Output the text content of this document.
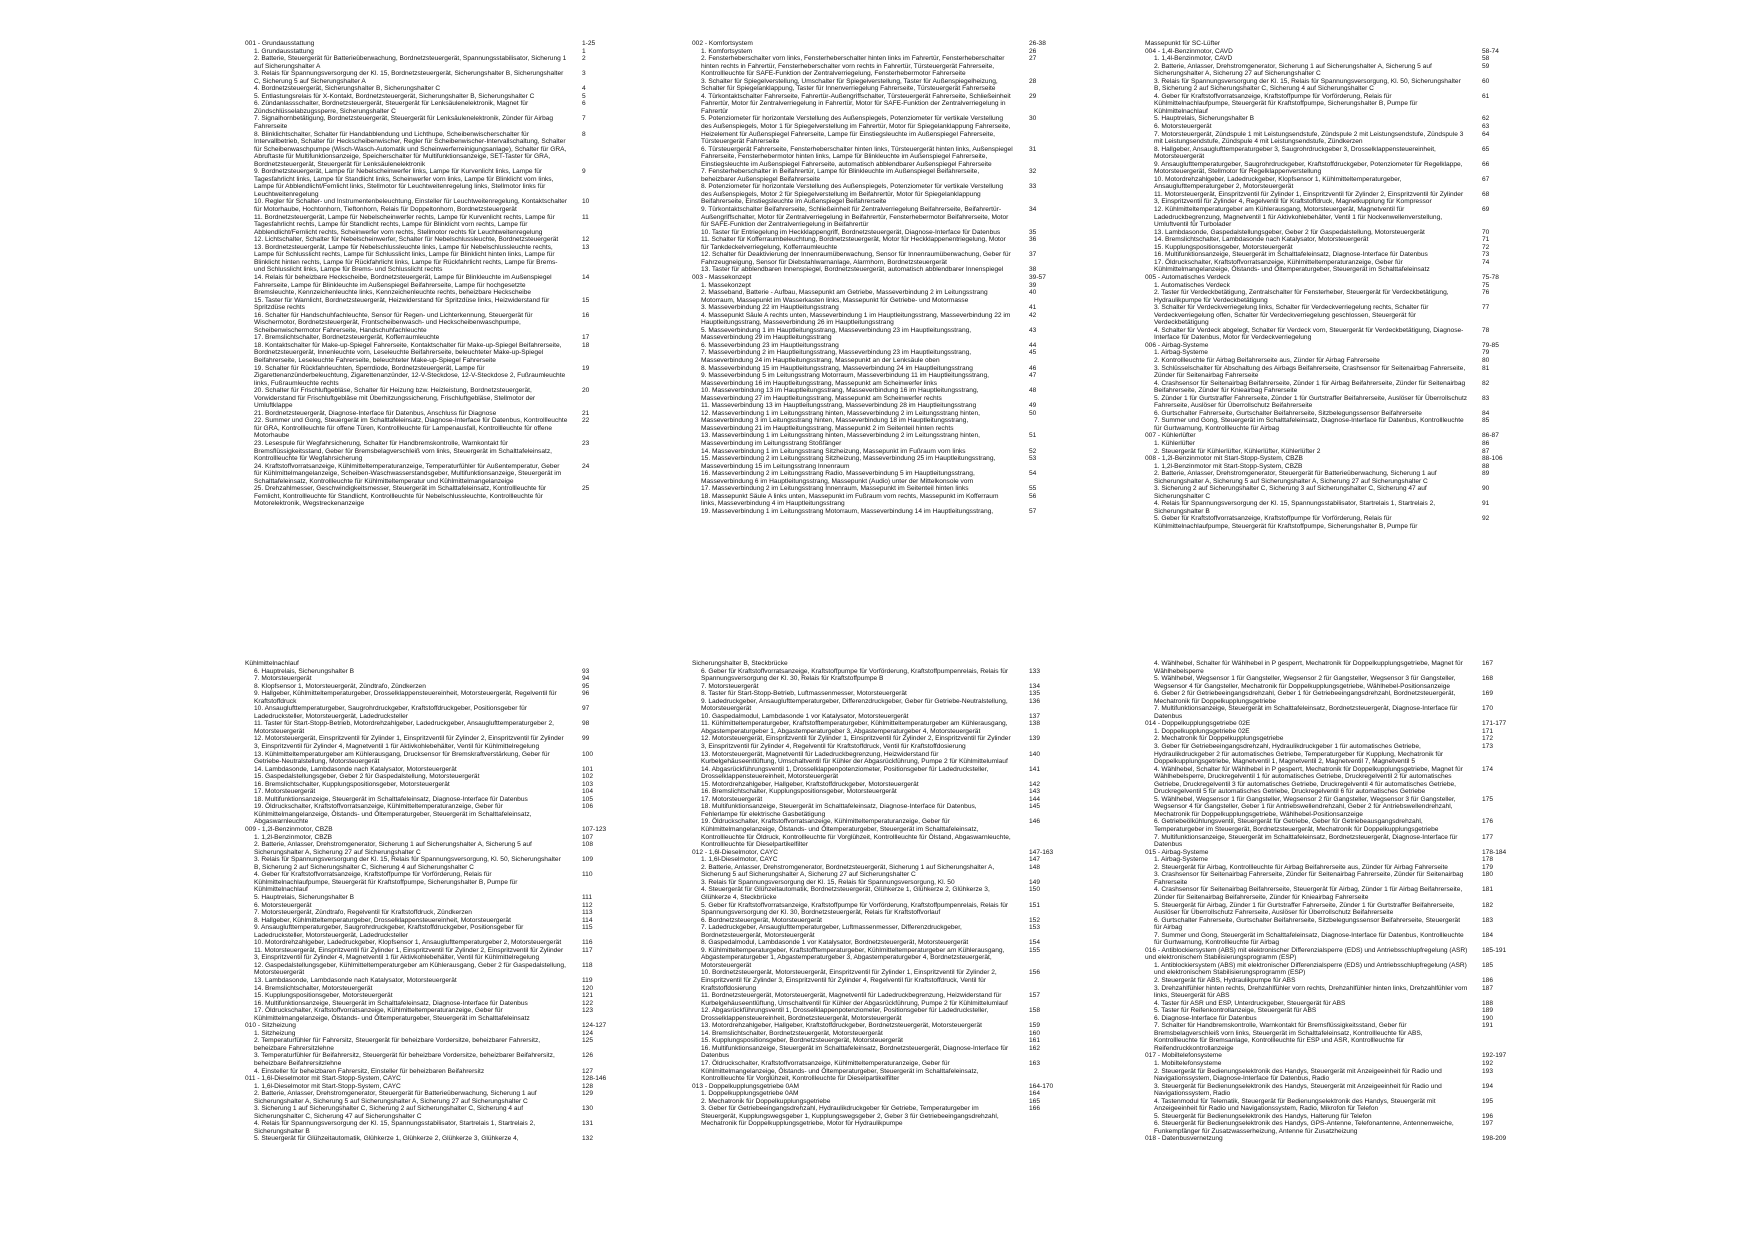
001 - Grundausstattung	1-25
1. Grundausstattung	1
2. Batterie, Steuergerät für Batterieüberwachung, Bordnetzsteuergerät, Spannungsstabilisator, Sicherung 1 auf Sicherungshalter A
2
3. Relais für Spannungsversorgung der Kl. 15, Bordnetzsteuergerät, Sicherungshalter B, Sicherungshalter C, Sicherung 5 auf Sicherungshalter A
3
4. Bordnetzsteuergerät, Sicherungshalter B, Sicherungshalter C	4
5. Entlastungsrelais für X-Kontakt, Bordnetzsteuergerät, Sicherungshalter B, Sicherungshalter C	5
6. Zündanlassschalter, Bordnetzsteuergerät, Steuergerät für Lenksäulenelektronik, Magnet für Zündschlüsselabzugssperre, Sicherungshalter C
6
7. Signalhornbetätigung, Bordnetzsteuergerät, Steuergerät für Lenksäulenelektronik, Zünder für Airbag Fahrerseite
7
8. Blinklichtschalter, Schalter für Handabblendung und Lichthupe, Scheibenwischerschalter für Intervallbetrieb, Schalter für Heckscheibenwischer, Regler für Scheibenwischer-Intervallschaltung, Schalter für Scheibenwaschpumpe (Wisch-Wasch-Automatik und Scheinwerferreinigungsanlage), Schalter für GRA, Abruftaste für Multifunktionsanzeige, Speicherschalter für Multifunktionsanzeige, SET-Taster für GRA, Bordnetzsteuergerät, Steuergerät für Lenksäulenelektronik
8
9. Bordnetzsteuergerät, Lampe für Nebelscheinwerfer links, Lampe für Kurvenlicht links, Lampe für Tagesfahrlicht links, Lampe für Standlicht links, Scheinwerfer vorn links, Lampe für Blinklicht vorn links, Lampe für Abblendlicht/Fernlicht links, Stellmotor für Leuchtweitenregelung links, Stellmotor links für Leuchtweitenregelung
9
10. Regler für Schalter- und Instrumentenbeleuchtung, Einsteller für Leuchtweitenregelung, Kontaktschalter für Motorhaube, Hochtonhorn, Tieftonhorn, Relais für Doppeltonhorn, Bordnetzsteuergerät
10
11. Bordnetzsteuergerät, Lampe für Nebelscheinwerfer rechts, Lampe für Kurvenlicht rechts, Lampe für Tagesfahrlicht rechts, Lampe für Standlicht rechts, Lampe für Blinklicht vorn rechts, Lampe für Abblendlicht/Fernlicht rechts, Scheinwerfer vorn rechts, Stellmotor rechts für Leuchtweitenregelung
11
12. Lichtschalter, Schalter für Nebelscheinwerfer, Schalter für Nebelschlussleuchte, Bordnetzsteuergerät	12
13. Bordnetzsteuergerät, Lampe für Nebelschlussleuchte links, Lampe für Nebelschlussleuchte rechts, Lampe für Schlusslicht rechts, Lampe für Schlusslicht links, Lampe für Blinklicht hinten links, Lampe für Blinklicht hinten rechts, Lampe für Rückfahrlicht links, Lampe für Rückfahrlicht rechts, Lampe für Brems- und Schlusslicht links, Lampe für Brems- und Schlusslicht rechts
13
14. Relais für beheizbare Heckscheibe, Bordnetzsteuergerät, Lampe für Blinkleuchte im Außenspiegel Fahrerseite, Lampe für Blinkleuchte im Außenspiegel Beifahrerseite, Lampe für hochgesetzte Bremsleuchte, Kennzeichenleuchte links, Kennzeichenleuchte rechts, beheizbare Heckscheibe
14
15. Taster für Warnlicht, Bordnetzsteuergerät, Heizwiderstand für Spritzdüse links, Heizwiderstand für Spritzdüse rechts
15
16. Schalter für Handschuhfachleuchte, Sensor für Regen- und Lichterkennung, Steuergerät für Wischermotor, Bordnetzsteuergerät, Frontscheibenwasch- und Heckscheibenwaschpumpe, Scheibenwischermotor Fahrerseite, Handschuhfachleuchte
16
17. Bremslichtschalter, Bordnetzsteuergerät, Kofferraumleuchte	17
18. Kontaktschalter für Make-up-Spiegel Fahrerseite, Kontaktschalter für Make-up-Spiegel Beifahrerseite, Bordnetzsteuergerät, Innenleuchte vorn, Leseleuchte Beifahrerseite, beleuchteter Make-up-Spiegel Beifahrerseite, Leseleuchte Fahrerseite, beleuchteter Make-up-Spiegel Fahrerseite
18
19. Schalter für Rückfahrleuchten, Sperrdiode, Bordnetzsteuergerät, Lampe für Zigarettenanzünderbeleuchtung, Zigarettenanzünder, 12-V-Steckdose, 12-V-Steckdose 2, Fußraumleuchte links, Fußraumleuchte rechts
19
20. Schalter für Frischluftgebläse, Schalter für Heizung bzw. Heizleistung, Bordnetzsteuergerät, Vorwiderstand für Frischluftgebläse mit Überhitzungssicherung, Frischluftgebläse, Stellmotor der Umluftklappe
20
21. Bordnetzsteuergerät, Diagnose-Interface für Datenbus, Anschluss für Diagnose	21
22. Summer und Gong, Steuergerät im Schalttafeleinsatz, Diagnose-Interface für Datenbus, Kontrollleuchte für GRA, Kontrollleuchte für offene Türen, Kontrollleuchte für Lampenausfall, Kontrollleuchte für offene Motorhaube
22
23. Lesespule für Wegfahrsicherung, Schalter für Handbremskontrolle, Warnkontakt für Bremsflüssigkeitsstand, Geber für Bremsbelagverschleiß vorn links, Steuergerät im Schalttafeleinsatz, Kontrollleuchte für Wegfahrsicherung
23
24. Kraftstoffvorratsanzeige, Kühlmitteltemperaturanzeige, Temperaturfühler für Außentemperatur, Geber für Kühlmittelmangelanzeige, Scheiben-Waschwasserstandsgeber, Multifunktionsanzeige, Steuergerät im Schalttafeleinsatz, Kontrollleuchte für Kühlmitteltemperatur und Kühlmittelmangelanzeige
24
25. Drehzahlmesser, Geschwindigkeitsmesser, Steuergerät im Schalttafeleinsatz, Kontrollleuchte für Fernlicht, Kontrollleuchte für Standlicht, Kontrollleuchte für Nebelschlussleuchte, Kontrollleuchte für Motorelektronik, Wegstreckenanzeige
25
002 - Komfortsystem	26-38
1. Komfortsystem	26
2. Fensterheberschalter vorn links, Fensterheberschalter hinten links im Fahrertür, Fensterheberschalter hinten rechts in Fahrertür, Fensterheberschalter vorn rechts in Fahrertür, Türsteuergerät Fahrerseite, Kontrollleuchte für SAFE-Funktion der Zentralverriegelung, Fensterhebermotor Fahrerseite
27
3. Schalter für Spiegelverstellung, Umschalter für Spiegelverstellung, Taster für Außenspiegelheizung, Schalter für Spiegelanklappung, Taster für Innenverriegelung Fahrerseite, Türsteuergerät Fahrerseite
28
4. Türkontaktschalter Fahrerseite, Fahrertür-Außengriffschalter, Türsteuergerät Fahrerseite, Schließeinheit Fahrertür, Motor für Zentralverriegelung in Fahrertür, Motor für SAFE-Funktion der Zentralverriegelung in Fahrertür
29
5. Potenziometer für horizontale Verstellung des Außenspiegels, Potenziometer für vertikale Verstellung des Außenspiegels, Motor 1 für Spiegelverstellung im Fahrertür, Motor für Spiegelanklappung Fahrerseite, Heizelement für Außenspiegel Fahrerseite, Lampe für Einstiegsleuchte im Außenspiegel Fahrerseite, Türsteuergerät Fahrerseite
30
6. Türsteuergerät Fahrerseite, Fensterheberschalter hinten links, Türsteuergerät hinten links, Außenspiegel Fahrerseite, Fensterhebermotor hinten links, Lampe für Blinkleuchte im Außenspiegel Fahrerseite, Einstiegsleuchte im Außenspiegel Fahrerseite, automatisch abblendbarer Außenspiegel Fahrerseite
31
7. Fensterheberschalter in Beifahrertür, Lampe für Blinkleuchte im Außenspiegel Beifahrerseite, beheizbarer Außenspiegel Beifahrerseite
32
8. Potenziometer für horizontale Verstellung des Außenspiegels, Potenziometer für vertikale Verstellung des Außenspiegels, Motor 2 für Spiegelverstellung im Beifahrertür, Motor für Spiegelanklappung Beifahrerseite, Einstiegsleuchte im Außenspiegel Beifahrerseite
33
9. Türkontaktschalter Beifahrerseite, Schließeinheit für Zentralverriegelung Beifahrerseite, Beifahrertür-Außengriffschalter, Motor für Zentralverriegelung in Beifahrertür, Fensterhebermotor Beifahrerseite, Motor für SAFE-Funktion der Zentralverriegelung in Beifahrertür
34
10. Taster für Entriegelung im Heckklappengriff, Bordnetzsteuergerät, Diagnose-Interface für Datenbus	35
11. Schalter für Kofferraumbeleuchtung, Bordnetzsteuergerät, Motor für Heckklappenentriegelung, Motor für Tankdeckelverriegelung, Kofferraumleuchte
36
12. Schalter für Deaktivierung der Innenraumüberwachung, Sensor für Innenraumüberwachung, Geber für Fahrzeugneigung, Sensor für Diebstahlwarnanlage, Alarmhorn, Bordnetzsteuergerät
37
13. Taster für abblendbaren Innenspiegel, Bordnetzsteuergerät, automatisch abblendbarer Innenspiegel	38
003 - Massekonzept	39-57
1. Massekonzept	39
2. Masseband, Batterie - Aufbau, Massepunkt am Getriebe, Masseverbindung 2 im Leitungsstrang Motorraum, Massepunkt im Wasserkasten links, Massepunkt für Getriebe- und Motormasse
40
3. Masseverbindung 22 im Hauptleitungsstrang	41
4. Massepunkt Säule A rechts unten, Masseverbindung 1 im Hauptleitungsstrang, Masseverbindung 22 im Hauptleitungsstrang, Masseverbindung 26 im Hauptleitungsstrang
42
5. Masseverbindung 1 im Hauptleitungsstrang, Masseverbindung 23 im Hauptleitungsstrang, Masseverbindung 29 im Hauptleitungsstrang
43
6. Masseverbindung 23 im Hauptleitungsstrang	44
7. Masseverbindung 2 im Hauptleitungsstrang, Masseverbindung 23 im Hauptleitungsstrang, Masseverbindung 24 im Hauptleitungsstrang, Massepunkt an der Lenksäule oben
45
8. Masseverbindung 15 im Hauptleitungsstrang, Masseverbindung 24 im Hauptleitungsstrang	46
9. Masseverbindung 5 im Leitungsstrang Motorraum, Masseverbindung 11 im Hauptleitungsstrang, Masseverbindung 16 im Hauptleitungsstrang, Massepunkt am Scheinwerfer links
47
10. Masseverbindung 13 im Hauptleitungsstrang, Masseverbindung 16 im Hauptleitungsstrang, Masseverbindung 27 im Hauptleitungsstrang, Massepunkt am Scheinwerfer rechts
48
11. Masseverbindung 13 im Hauptleitungsstrang, Masseverbindung 28 im Hauptleitungsstrang	49
12. Masseverbindung 1 im Leitungsstrang hinten, Masseverbindung 2 im Leitungsstrang hinten, Masseverbindung 3 im Leitungsstrang hinten, Masseverbindung 18 im Hauptleitungsstrang, Masseverbindung 21 im Hauptleitungsstrang, Massepunkt 2 im Seitenteil hinten rechts
50
13. Masseverbindung 1 im Leitungsstrang hinten, Masseverbindung 2 im Leitungsstrang hinten, Masseverbindung im Leitungsstrang Stoßfänger
51
14. Masseverbindung 1 im Leitungsstrang Sitzheizung, Massepunkt im Fußraum vorn links	52
15. Masseverbindung 2 im Leitungsstrang Sitzheizung, Masseverbindung 25 im Hauptleitungsstrang, Masseverbindung 15 im Leitungsstrang Innenraum
53
16. Masseverbindung 2 im Leitungsstrang Radio, Masseverbindung 5 im Hauptleitungsstrang, Masseverbindung 6 im Hauptleitungsstrang, Massepunkt (Audio) unter der Mittelkonsole vorn
54
17. Masseverbindung 2 im Leitungsstrang Innenraum, Massepunkt im Seitenteil hinten links	55
18. Massepunkt Säule A links unten, Massepunkt im Fußraum vorn rechts, Massepunkt im Kofferraum links, Masseverbindung 4 im Hauptleitungsstrang
56
19. Masseverbindung 1 im Leitungsstrang Motorraum, Masseverbindung 14 im Hauptleitungsstrang,	57
Massepunkt für SC-Lüfter
004 - 1,4l-Benzinmotor, CAVD	58-74
1. 1,4l-Benzinmotor, CAVD	58
2. Batterie, Anlasser, Drehstromgenerator, Sicherung 1 auf Sicherungshalter A, Sicherung 5 auf Sicherungshalter A, Sicherung 27 auf Sicherungshalter C
59
3. Relais für Spannungsversorgung der Kl. 15, Relais für Spannungsversorgung, Kl. 50, Sicherungshalter B, Sicherung 2 auf Sicherungshalter C, Sicherung 4 auf Sicherungshalter C
60
4. Geber für Kraftstoffvorratsanzeige, Kraftstoffpumpe für Vorförderung, Relais für Kühlmittelnachlaufpumpe, Steuergerät für Kraftstoffpumpe, Sicherungshalter B, Pumpe für Kühlmittelnachlauf
61
5. Hauptrelais, Sicherungshalter B	62
6. Motorsteuergerät	63
7. Motorsteuergerät, Zündspule 1 mit Leistungsendstufe, Zündspule 2 mit Leistungsendstufe, Zündspule 3 mit Leistungsendstufe, Zündspule 4 mit Leistungsendstufe, Zündkerzen
64
8. Hallgeber, Ansauglufttemperaturgeber 3, Saugrohrdruckgeber 3, Drosselklappensteuereinheit, Motorsteuergerät
65
9. Ansauglufttemperaturgeber, Saugrohrdruckgeber, Kraftstoffdruckgeber, Potenziometer für Regelklappe, Motorsteuergerät, Stellmotor für Regelklappenverstellung
66
10. Motordrehzahlgeber, Ladedruckgeber, Klopfsensor 1, Kühlmitteltemperaturgeber, Ansauglufttemperaturgeber 2, Motorsteuergerät
67
11. Motorsteuergerät, Einspritzventil für Zylinder 1, Einspritzventil für Zylinder 2, Einspritzventil für Zylinder 3, Einspritzventil für Zylinder 4, Regelventil für Kraftstoffdruck, Magnetkupplung für Kompressor
68
12. Kühlmitteltemperaturgeber am Kühlerausgang, Motorsteuergerät, Magnetventil für Ladedruckbegrenzung, Magnetventil 1 für Aktivkohlebehälter, Ventil 1 für Nockenwellenverstellung, Umluftventil für Turbolader
69
13. Lambdasonde, Gaspedalstellungsgeber, Geber 2 für Gaspedalstellung, Motorsteuergerät	70
14. Bremslichtschalter, Lambdasonde nach Katalysator, Motorsteuergerät	71
15. Kupplungspositionsgeber, Motorsteuergerät	72
16. Multifunktionsanzeige, Steuergerät im Schalttafeleinsatz, Diagnose-Interface für Datenbus	73
17. Öldruckschalter, Kraftstoffvorratsanzeige, Kühlmitteltemperaturanzeige, Geber für Kühlmittelmangelanzeige, Ölstands- und Öltemperaturgeber, Steuergerät im Schalttafeleinsatz
74
005 - Automatisches Verdeck	75-78
1. Automatisches Verdeck	75
2. Taster für Verdeckbetätigung, Zentralschalter für Fensterheber, Steuergerät für Verdeckbetätigung, Hydraulikpumpe für Verdeckbetätigung
76
3. Schalter für Verdeckverriegelung links, Schalter für Verdeckverriegelung rechts, Schalter für Verdeckverriegelung offen, Schalter für Verdeckverriegelung geschlossen, Steuergerät für Verdeckbetätigung
77
4. Schalter für Verdeck abgelegt, Schalter für Verdeck vorn, Steuergerät für Verdeckbetätigung, Diagnose-Interface für Datenbus, Motor für Verdeckverriegelung
78
006 - Airbag-Systeme	79-85
1. Airbag-Systeme	79
2. Kontrollleuchte für Airbag Beifahrerseite aus, Zünder für Airbag Fahrerseite	80
3. Schlüsselschalter für Abschaltung des Airbags Beifahrerseite, Crashsensor für Seitenairbag Fahrerseite, Zünder für Seitenairbag Fahrerseite
81
4. Crashsensor für Seitenairbag Beifahrerseite, Zünder 1 für Airbag Beifahrerseite, Zünder für Seitenairbag Beifahrerseite, Zünder für Knieairbag Fahrerseite
82
5. Zünder 1 für Gurtstraffer Fahrerseite, Zünder 1 für Gurtstraffer Beifahrerseite, Auslöser für Überrollschutz Fahrerseite, Auslöser für Überrollschutz Beifahrerseite
83
6. Gurtschalter Fahrerseite, Gurtschalter Beifahrerseite, Sitzbelegungssensor Beifahrerseite	84
7. Summer und Gong, Steuergerät im Schalttafeleinsatz, Diagnose-Interface für Datenbus, Kontrollleuchte für Gurtwarnung, Kontrollleuchte für Airbag
85
007 - Kühlerlüfter	86-87
1. Kühlerlüfter	86
2. Steuergerät für Kühlerlüfter, Kühlerlüfter, Kühlerlüfter 2	87
008 - 1,2l-Benzinmotor mit Start-Stopp-System, CBZB	88-106
1. 1,2l-Benzinmotor mit Start-Stopp-System, CBZB	88
2. Batterie, Anlasser, Drehstromgenerator, Steuergerät für Batterieüberwachung, Sicherung 1 auf Sicherungshalter A, Sicherung 5 auf Sicherungshalter A, Sicherung 27 auf Sicherungshalter C
89
3. Sicherung 2 auf Sicherungshalter C, Sicherung 3 auf Sicherungshalter C, Sicherung 47 auf Sicherungshalter C
90
4. Relais für Spannungsversorgung der Kl. 15, Spannungsstabilisator, Startrelais 1, Startrelais 2, Sicherungshalter B
91
5. Geber für Kraftstoffvorratsanzeige, Kraftstoffpumpe für Vorförderung, Relais für Kühlmittelnachlaufpumpe, Steuergerät für Kraftstoffpumpe, Sicherungshalter B, Pumpe für
92
Kühlmittelnachlauf
6. Hauptrelais, Sicherungshalter B	93
7. Motorsteuergerät	94
8. Klopfsensor 1, Motorsteuergerät, Zündtrafo, Zündkerzen	95
9. Hallgeber, Kühlmitteltemperaturgeber, Drosselklappensteuereinheit, Motorsteuergerät, Regelventil für Kraftstoffdruck
96
10. Ansauglufttemperaturgeber, Saugrohrdruckgeber, Kraftstoffdruckgeber, Positionsgeber für Ladedrucksteller, Motorsteuergerät, Ladedrucksteller
97
11. Taster für Start-Stopp-Betrieb, Motordrehzahlgeber, Ladedruckgeber, Ansauglufttemperaturgeber 2, Motorsteuergerät
98
12. Motorsteuergerät, Einspritzventil für Zylinder 1, Einspritzventil für Zylinder 2, Einspritzventil für Zylinder 3, Einspritzventil für Zylinder 4, Magnetventil 1 für Aktivkohlebehälter, Ventil für Kühlmittelregelung
99
13. Kühlmitteltemperaturgeber am Kühlerausgang, Drucksensor für Bremskraftverstärkung, Geber für Getriebe-Neutralstellung, Motorsteuergerät
100
14. Lambdasonde, Lambdasonde nach Katalysator, Motorsteuergerät	101
15. Gaspedalstellungsgeber, Geber 2 für Gaspedalstellung, Motorsteuergerät	102
16. Bremslichtschalter, Kupplungspositionsgeber, Motorsteuergerät	103
17. Motorsteuergerät	104
18. Multifunktionsanzeige, Steuergerät im Schalttafeleinsatz, Diagnose-Interface für Datenbus	105
19. Öldruckschalter, Kraftstoffvorratsanzeige, Kühlmitteltemperaturanzeige, Geber für Kühlmittelmangelanzeige, Ölstands- und Öltemperaturgeber, Steuergerät im Schalttafeleinsatz, Abgaswarnleuchte
106
009 - 1,2l-Benzinmotor, CBZB	107-123
1. 1,2l-Benzinmotor, CBZB	107
2. Batterie, Anlasser, Drehstromgenerator, Sicherung 1 auf Sicherungshalter A, Sicherung 5 auf Sicherungshalter A, Sicherung 27 auf Sicherungshalter C
108
3. Relais für Spannungsversorgung der Kl. 15, Relais für Spannungsversorgung, Kl. 50, Sicherungshalter B, Sicherung 2 auf Sicherungshalter C, Sicherung 4 auf Sicherungshalter C
109
4. Geber für Kraftstoffvorratsanzeige, Kraftstoffpumpe für Vorförderung, Relais für Kühlmittelnachlaufpumpe, Steuergerät für Kraftstoffpumpe, Sicherungshalter B, Pumpe für Kühlmittelnachlauf
110
5. Hauptrelais, Sicherungshalter B	111
6. Motorsteuergerät	112
7. Motorsteuergerät, Zündtrafo, Regelventil für Kraftstoffdruck, Zündkerzen	113
8. Hallgeber, Kühlmitteltemperaturgeber, Drosselklappensteuereinheit, Motorsteuergerät	114
9. Ansauglufttemperaturgeber, Saugrohrdruckgeber, Kraftstoffdruckgeber, Positionsgeber für Ladedrucksteller, Motorsteuergerät, Ladedrucksteller
115
10. Motordrehzahlgeber, Ladedruckgeber, Klopfsensor 1, Ansauglufttemperaturgeber 2, Motorsteuergerät	116
11. Motorsteuergerät, Einspritzventil für Zylinder 1, Einspritzventil für Zylinder 2, Einspritzventil für Zylinder 3, Einspritzventil für Zylinder 4, Magnetventil 1 für Aktivkohlebehälter, Ventil für Kühlmittelregelung
117
12. Gaspedalstellungsgeber, Kühlmitteltemperaturgeber am Kühlerausgang, Geber 2 für Gaspedalstellung, Motorsteuergerät
118
13. Lambdasonde, Lambdasonde nach Katalysator, Motorsteuergerät	119
14. Bremslichtschalter, Motorsteuergerät	120
15. Kupplungspositionsgeber, Motorsteuergerät	121
16. Multifunktionsanzeige, Steuergerät im Schalttafeleinsatz, Diagnose-Interface für Datenbus	122
17. Öldruckschalter, Kraftstoffvorratsanzeige, Kühlmitteltemperaturanzeige, Geber für Kühlmittelmangelanzeige, Ölstands- und Öltemperaturgeber, Steuergerät im Schalttafeleinsatz
123
010 - Sitzheizung	124-127
1. Sitzheizung	124
2. Temperaturfühler für Fahrersitz, Steuergerät für beheizbare Vordersitze, beheizbarer Fahrersitz, beheizbare Fahrersitzlehne
125
3. Temperaturfühler für Beifahrersitz, Steuergerät für beheizbare Vordersitze, beheizbarer Beifahrersitz, beheizbare Beifahrersitzlehne
126
4. Einsteller für beheizbaren Fahrersitz, Einsteller für beheizbaren Beifahrersitz	127
011 - 1,6l-Dieselmotor mit Start-Stopp-System, CAYC	128-146
1. 1,6l-Dieselmotor mit Start-Stopp-System, CAYC	128
2. Batterie, Anlasser, Drehstromgenerator, Steuergerät für Batterieüberwachung, Sicherung 1 auf Sicherungshalter A, Sicherung 5 auf Sicherungshalter A, Sicherung 27 auf Sicherungshalter C
129
3. Sicherung 1 auf Sicherungshalter C, Sicherung 2 auf Sicherungshalter C, Sicherung 4 auf Sicherungshalter C, Sicherung 47 auf Sicherungshalter C
130
4. Relais für Spannungsversorgung der Kl. 15, Spannungsstabilisator, Startrelais 1, Startrelais 2, Sicherungshalter B
131
5. Steuergerät für Glühzeitautomatik, Glühkerze 1, Glühkerze 2, Glühkerze 3, Glühkerze 4,	132
Sicherungshalter B, Steckbrücke
6. Geber für Kraftstoffvorratsanzeige, Kraftstoffpumpe für Vorförderung, Kraftstoffpumpenrelais, Relais für Spannungsversorgung der Kl. 30, Relais für Kraftstoffpumpe B
133
7. Motorsteuergerät	134
8. Taster für Start-Stopp-Betrieb, Luftmassenmesser, Motorsteuergerät	135
9. Ladedruckgeber, Ansauglufttemperaturgeber, Differenzdruckgeber, Geber für Getriebe-Neutralstellung, Motorsteuergerät
136
10. Gaspedalmodul, Lambdasonde 1 vor Katalysator, Motorsteuergerät	137
11. Kühlmitteltemperaturgeber, Kraftstofftemperaturgeber, Kühlmitteltemperaturgeber am Kühlerausgang, Abgastemperaturgeber 1, Abgastemperaturgeber 3, Abgastemperaturgeber 4, Motorsteuergerät
138
12. Motorsteuergerät, Einspritzventil für Zylinder 1, Einspritzventil für Zylinder 2, Einspritzventil für Zylinder 3, Einspritzventil für Zylinder 4, Regelventil für Kraftstoffdruck, Ventil für Kraftstoffdosierung
139
13. Motorsteuergerät, Magnetventil für Ladedruckbegrenzung, Heizwiderstand für Kurbelgehäuseentlüftung, Umschaltventil für Kühler der Abgasrückführung, Pumpe 2 für Kühlmittelumlauf
140
14. Abgasrückführungsventil 1, Drosselklappenpotenziometer, Positionsgeber für Ladedrucksteller, Drosselklappensteuereinheit, Motorsteuergerät
141
15. Motordrehzahlgeber, Hallgeber, Kraftstoffdruckgeber, Motorsteuergerät	142
16. Bremslichtschalter, Kupplungspositionsgeber, Motorsteuergerät	143
17. Motorsteuergerät	144
18. Multifunktionsanzeige, Steuergerät im Schalttafeleinsatz, Diagnose-Interface für Datenbus, Fehlerlampe für elektrische Gasbetätigung
145
19. Öldruckschalter, Kraftstoffvorratsanzeige, Kühlmitteltemperaturanzeige, Geber für Kühlmittelmangelanzeige, Ölstands- und Öltemperaturgeber, Steuergerät im Schalttafeleinsatz, Kontrollleuchte für Öldruck, Kontrollleuchte für Vorglühzeit, Kontrollleuchte für Ölstand, Abgaswarnleuchte, Kontrollleuchte für Dieselpartikelfilter
146
012 - 1,6l-Dieselmotor, CAYC	147-163
1. 1,6l-Dieselmotor, CAYC	147
2. Batterie, Anlasser, Drehstromgenerator, Bordnetzsteuergerät, Sicherung 1 auf Sicherungshalter A, Sicherung 5 auf Sicherungshalter A, Sicherung 27 auf Sicherungshalter C
148
3. Relais für Spannungsversorgung der Kl. 15, Relais für Spannungsversorgung, Kl. 50	149
4. Steuergerät für Glühzeitautomatik, Bordnetzsteuergerät, Glühkerze 1, Glühkerze 2, Glühkerze 3, Glühkerze 4, Steckbrücke
150
5. Geber für Kraftstoffvorratsanzeige, Kraftstoffpumpe für Vorförderung, Kraftstoffpumpenrelais, Relais für Spannungsversorgung der Kl. 30, Bordnetzsteuergerät, Relais für Kraftstoffvorlauf
151
6. Bordnetzsteuergerät, Motorsteuergerät	152
7. Ladedruckgeber, Ansauglufttemperaturgeber, Luftmassenmesser, Differenzdruckgeber, Bordnetzsteuergerät, Motorsteuergerät
153
8. Gaspedalmodul, Lambdasonde 1 vor Katalysator, Bordnetzsteuergerät, Motorsteuergerät	154
9. Kühlmitteltemperaturgeber, Kraftstofftemperaturgeber, Kühlmitteltemperaturgeber am Kühlerausgang, Abgastemperaturgeber 1, Abgastemperaturgeber 3, Abgastemperaturgeber 4, Bordnetzsteuergerät, Motorsteuergerät
155
10. Bordnetzsteuergerät, Motorsteuergerät, Einspritzventil für Zylinder 1, Einspritzventil für Zylinder 2, Einspritzventil für Zylinder 3, Einspritzventil für Zylinder 4, Regelventil für Kraftstoffdruck, Ventil für Kraftstoffdosierung
156
11. Bordnetzsteuergerät, Motorsteuergerät, Magnetventil für Ladedruckbegrenzung, Heizwiderstand für Kurbelgehäuseentlüftung, Umschaltventil für Kühler der Abgasrückführung, Pumpe 2 für Kühlmittelumlauf
157
12. Abgasrückführungsventil 1, Drosselklappenpotenziometer, Positionsgeber für Ladedrucksteller, Drosselklappensteuereinheit, Bordnetzsteuergerät, Motorsteuergerät
158
13. Motordrehzahlgeber, Hallgeber, Kraftstoffdruckgeber, Bordnetzsteuergerät, Motorsteuergerät	159
14. Bremslichtschalter, Bordnetzsteuergerät, Motorsteuergerät	160
15. Kupplungspositionsgeber, Bordnetzsteuergerät, Motorsteuergerät	161
16. Multifunktionsanzeige, Steuergerät im Schalttafeleinsatz, Bordnetzsteuergerät, Diagnose-Interface für Datenbus
162
17. Öldruckschalter, Kraftstoffvorratsanzeige, Kühlmitteltemperaturanzeige, Geber für Kühlmittelmangelanzeige, Ölstands- und Öltemperaturgeber, Steuergerät im Schalttafeleinsatz, Kontrollleuchte für Vorglühzeit, Kontrollleuchte für Dieselpartikelfilter
163
013 - Doppelkupplungsgetriebe 0AM	164-170
1. Doppelkupplungsgetriebe 0AM	164
2. Mechatronik für Doppelkupplungsgetriebe	165
3. Geber für Getriebeeingangsdrehzahl, Hydraulikdruckgeber für Getriebe, Temperaturgeber im Steuergerät, Kupplungswegsgeber 1, Kupplungswegsgeber 2, Geber 3 für Getriebeeingangsdrehzahl, Mechatronik für Doppelkupplungsgetriebe, Motor für Hydraulikpumpe
166
4. Wählhebel, Schalter für Wählhebel in P gesperrt, Mechatronik für Doppelkupplungsgetriebe, Magnet für Wählhebelsperre
167
5. Wählhebel, Wegsensor 1 für Gangsteller, Wegsensor 2 für Gangsteller, Wegsensor 3 für Gangsteller, Wegsensor 4 für Gangsteller, Mechatronik für Doppelkupplungsgetriebe, Wählhebel-Positionsanzeige
168
6. Geber 2 für Getriebeeingangsdrehzahl, Geber 1 für Getriebeeingangsdrehzahl, Bordnetzsteuergerät, Mechatronik für Doppelkupplungsgetriebe
169
7. Multifunktionsanzeige, Steuergerät im Schalttafeleinsatz, Bordnetzsteuergerät, Diagnose-Interface für Datenbus
170
014 - Doppelkupplungsgetriebe 02E	171-177
1. Doppelkupplungsgetriebe 02E	171
2. Mechatronik für Doppelkupplungsgetriebe	172
3. Geber für Getriebeeingangsdrehzahl, Hydraulikdruckgeber 1 für automatisches Getriebe, Hydraulikdruckgeber 2 für automatisches Getriebe, Temperaturgeber für Kupplung, Mechatronik für Doppelkupplungsgetriebe, Magnetventil 1, Magnetventil 2, Magnetventil 7, Magnetventil 5
173
4. Wählhebel, Schalter für Wählhebel in P gesperrt, Mechatronik für Doppelkupplungsgetriebe, Magnet für Wählhebelsperre, Druckregelventil 1 für automatisches Getriebe, Druckregelventil 2 für automatisches Getriebe, Druckregelventil 3 für automatisches Getriebe, Druckregelventil 4 für automatisches Getriebe, Druckregelventil 5 für automatisches Getriebe, Druckregelventil 6 für automatisches Getriebe
174
5. Wählhebel, Wegsensor 1 für Gangsteller, Wegsensor 2 für Gangsteller, Wegsensor 3 für Gangsteller, Wegsensor 4 für Gangsteller, Geber 1 für Antriebswellendrehzahl, Geber 2 für Antriebswellendrehzahl, Mechatronik für Doppelkupplungsgetriebe, Wählhebel-Positionsanzeige
175
6. Getriebeölkühlungsventil, Steuergerät für Getriebe, Geber für Getriebeausgangsdrehzahl, Temperaturgeber im Steuergerät, Bordnetzsteuergerät, Mechatronik für Doppelkupplungsgetriebe
176
7. Multifunktionsanzeige, Steuergerät im Schalttafeleinsatz, Bordnetzsteuergerät, Diagnose-Interface für Datenbus
177
015 - Airbag-Systeme	178-184
1. Airbag-Systeme	178
2. Steuergerät für Airbag, Kontrollleuchte für Airbag Beifahrerseite aus, Zünder für Airbag Fahrerseite	179
3. Crashsensor für Seitenairbag Fahrerseite, Zünder für Seitenairbag Fahrerseite, Zünder für Seitenairbag Fahrerseite
180
4. Crashsensor für Seitenairbag Beifahrerseite, Steuergerät für Airbag, Zünder 1 für Airbag Beifahrerseite, Zünder für Seitenairbag Beifahrerseite, Zünder für Knieairbag Fahrerseite
181
5. Steuergerät für Airbag, Zünder 1 für Gurtstraffer Fahrerseite, Zünder 1 für Gurtstraffer Beifahrerseite, Auslöser für Überrollschutz Fahrerseite, Auslöser für Überrollschutz Beifahrerseite
182
6. Gurtschalter Fahrerseite, Gurtschalter Beifahrerseite, Sitzbelegungssensor Beifahrerseite, Steuergerät für Airbag
183
7. Summer und Gong, Steuergerät im Schalttafeleinsatz, Diagnose-Interface für Datenbus, Kontrollleuchte für Gurtwarnung, Kontrollleuchte für Airbag
184
016 - Antiblockiersystem (ABS) mit elektronischer Differenzialsperre (EDS) und Antriebsschlupfregelung (ASR) und elektronischem Stabilisierungsprogramm (ESP)
185-191
1. Antiblockiersystem (ABS) mit elektronischer Differenzialsperre (EDS) und Antriebsschlupfregelung (ASR) und elektronischem Stabilisierungsprogramm (ESP)
185
2. Steuergerät für ABS, Hydraulikpumpe für ABS	186
3. Drehzahlfühler hinten rechts, Drehzahlfühler vorn rechts, Drehzahlfühler hinten links, Drehzahlfühler vorn links, Steuergerät für ABS
187
4. Taster für ASR und ESP, Unterdruckgeber, Steuergerät für ABS	188
5. Taster für Reifenkontrollanzeige, Steuergerät für ABS	189
6. Diagnose-Interface für Datenbus	190
7. Schalter für Handbremskontrolle, Warnkontakt für Bremsflüssigkeitsstand, Geber für Bremsbelagverschleiß vorn links, Steuergerät im Schalttafeleinsatz, Kontrollleuchte für ABS, Kontrollleuchte für Bremsanlage, Kontrollleuchte für ESP und ASR, Kontrollleuchte für Reifendruckkontrollanzeige
191
017 - Mobiltelefonsysteme	192-197
1. Mobiltelefonsysteme	192
2. Steuergerät für Bedienungselektronik des Handys, Steuergerät mit Anzeigeeinheit für Radio und Navigationssystem, Diagnose-Interface für Datenbus, Radio
193
3. Steuergerät für Bedienungselektronik des Handys, Steuergerät mit Anzeigeeinheit für Radio und Navigationssystem, Radio
194
4. Tastenmodul für Telematik, Steuergerät für Bedienungselektronik des Handys, Steuergerät mit Anzeigeeinheit für Radio und Navigationssystem, Radio, Mikrofon für Telefon
195
5. Steuergerät für Bedienungselektronik des Handys, Halterung für Telefon	196
6. Steuergerät für Bedienungselektronik des Handys, GPS-Antenne, Telefonantenne, Antennenweiche, Funkempfänger für Zusatzwasserheizung, Antenne für Zusatzheizung
197
018 - Datenbusvernetzung	198-209
